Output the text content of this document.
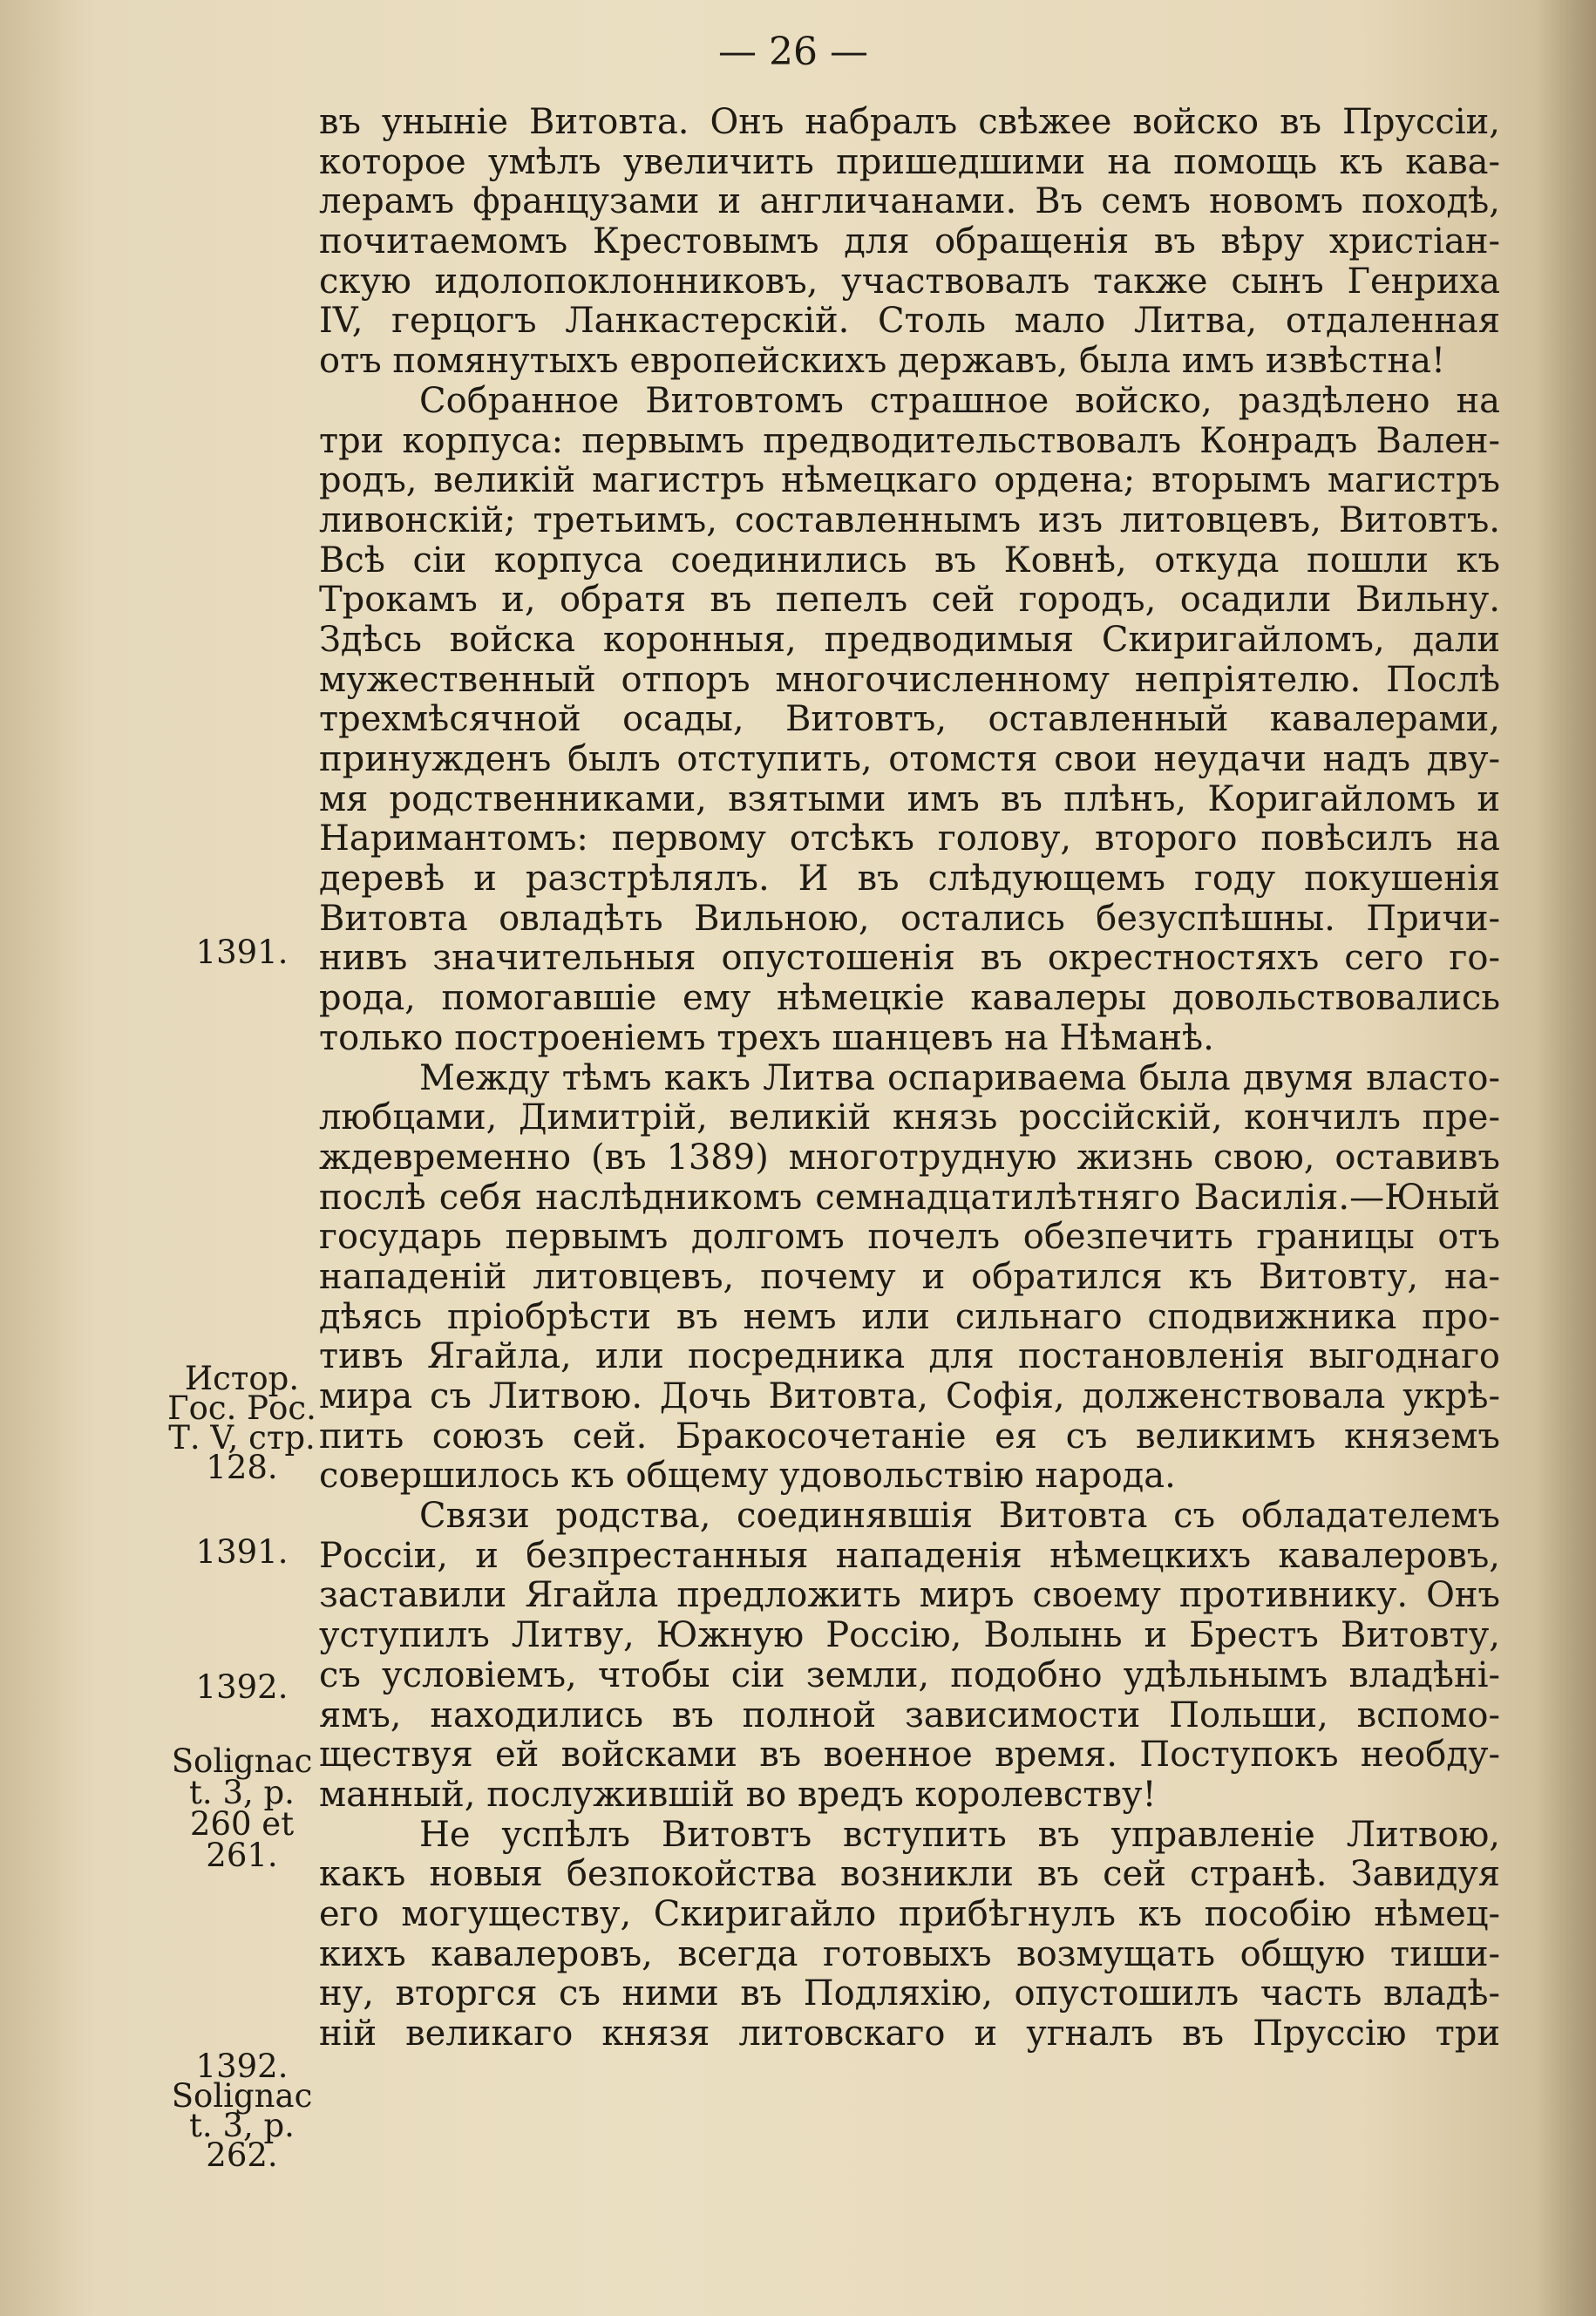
— 26 —
въ уныніе Витовта. Онъ набралъ свѣжее войско въ Пруссіи,
которое умѣлъ увеличить пришедшими на помощь къ кава-
лерамъ французами и англичанами. Въ семъ новомъ походѣ,
почитаемомъ Крестовымъ для обращенія въ вѣру христіан-
скую идолопоклонниковъ, участвовалъ также сынъ Генриха
IV, герцогъ Ланкастерскій. Столь мало Литва, отдаленная
отъ помянутыхъ европейскихъ державъ, была имъ извѣстна!
Собранное Витовтомъ страшное войско, раздѣлено на
три корпуса: первымъ предводительствовалъ Конрадъ Вален-
родъ, великій магистръ нѣмецкаго ордена; вторымъ магистръ
ливонскій; третьимъ, составленнымъ изъ литовцевъ, Витовтъ.
Всѣ сіи корпуса соединились въ Ковнѣ, откуда пошли къ
Трокамъ и, обратя въ пепелъ сей городъ, осадили Вильну.
Здѣсь войска коронныя, предводимыя Скиригайломъ, дали
мужественный отпоръ многочисленному непріятелю. Послѣ
трехмѣсячной осады, Витовтъ, оставленный кавалерами,
принужденъ былъ отступить, отомстя свои неудачи надъ дву-
мя родственниками, взятыми имъ въ плѣнъ, Коригайломъ и
Наримантомъ: первому отсѣкъ голову, второго повѣсилъ на
деревѣ и разстрѣлялъ. И въ слѣдующемъ году покушенія
Витовта овладѣть Вильною, остались безуспѣшны. Причи-
нивъ значительныя опустошенія въ окрестностяхъ сего го-
рода, помогавшіе ему нѣмецкіе кавалеры довольствовались
только построеніемъ трехъ шанцевъ на Нѣманѣ.
Между тѣмъ какъ Литва оспариваема была двумя власто-
любцами, Димитрій, великій князь россійскій, кончилъ пре-
ждевременно (въ 1389) многотрудную жизнь свою, оставивъ
послѣ себя наслѣдникомъ семнадцатилѣтняго Василія.—Юный
государь первымъ долгомъ почелъ обезпечить границы отъ
нападеній литовцевъ, почему и обратился къ Витовту, на-
дѣясь пріобрѣсти въ немъ или сильнаго сподвижника про-
тивъ Ягайла, или посредника для постановленія выгоднаго
мира съ Литвою. Дочь Витовта, Софія, долженствовала укрѣ-
пить союзъ сей. Бракосочетаніе ея съ великимъ княземъ
совершилось къ общему удовольствію народа.
Связи родства, соединявшія Витовта съ обладателемъ
Россіи, и безпрестанныя нападенія нѣмецкихъ кавалеровъ,
заставили Ягайла предложить миръ своему противнику. Онъ
уступилъ Литву, Южную Россію, Волынь и Брестъ Витовту,
съ условіемъ, чтобы сіи земли, подобно удѣльнымъ владѣні-
ямъ, находились въ полной зависимости Польши, вспомо-
ществуя ей войсками въ военное время. Поступокъ необду-
манный, послужившій во вредъ королевству!
Не успѣлъ Витовтъ вступить въ управленіе Литвою,
какъ новыя безпокойства возникли въ сей странѣ. Завидуя
его могуществу, Скиригайло прибѣгнулъ къ пособію нѣмец-
кихъ кавалеровъ, всегда готовыхъ возмущать общую тиши-
ну, вторгся съ ними въ Подляхію, опустошилъ часть владѣ-
ній великаго князя литовскаго и угналъ въ Пруссію три
1391.
Истор.
Гос. Рос.
Т. V, стр.
128.
1391.
1392.
Solignac
t. 3, p.
260 et
261.
1392.
Solignac
t. 3, p.
262.
